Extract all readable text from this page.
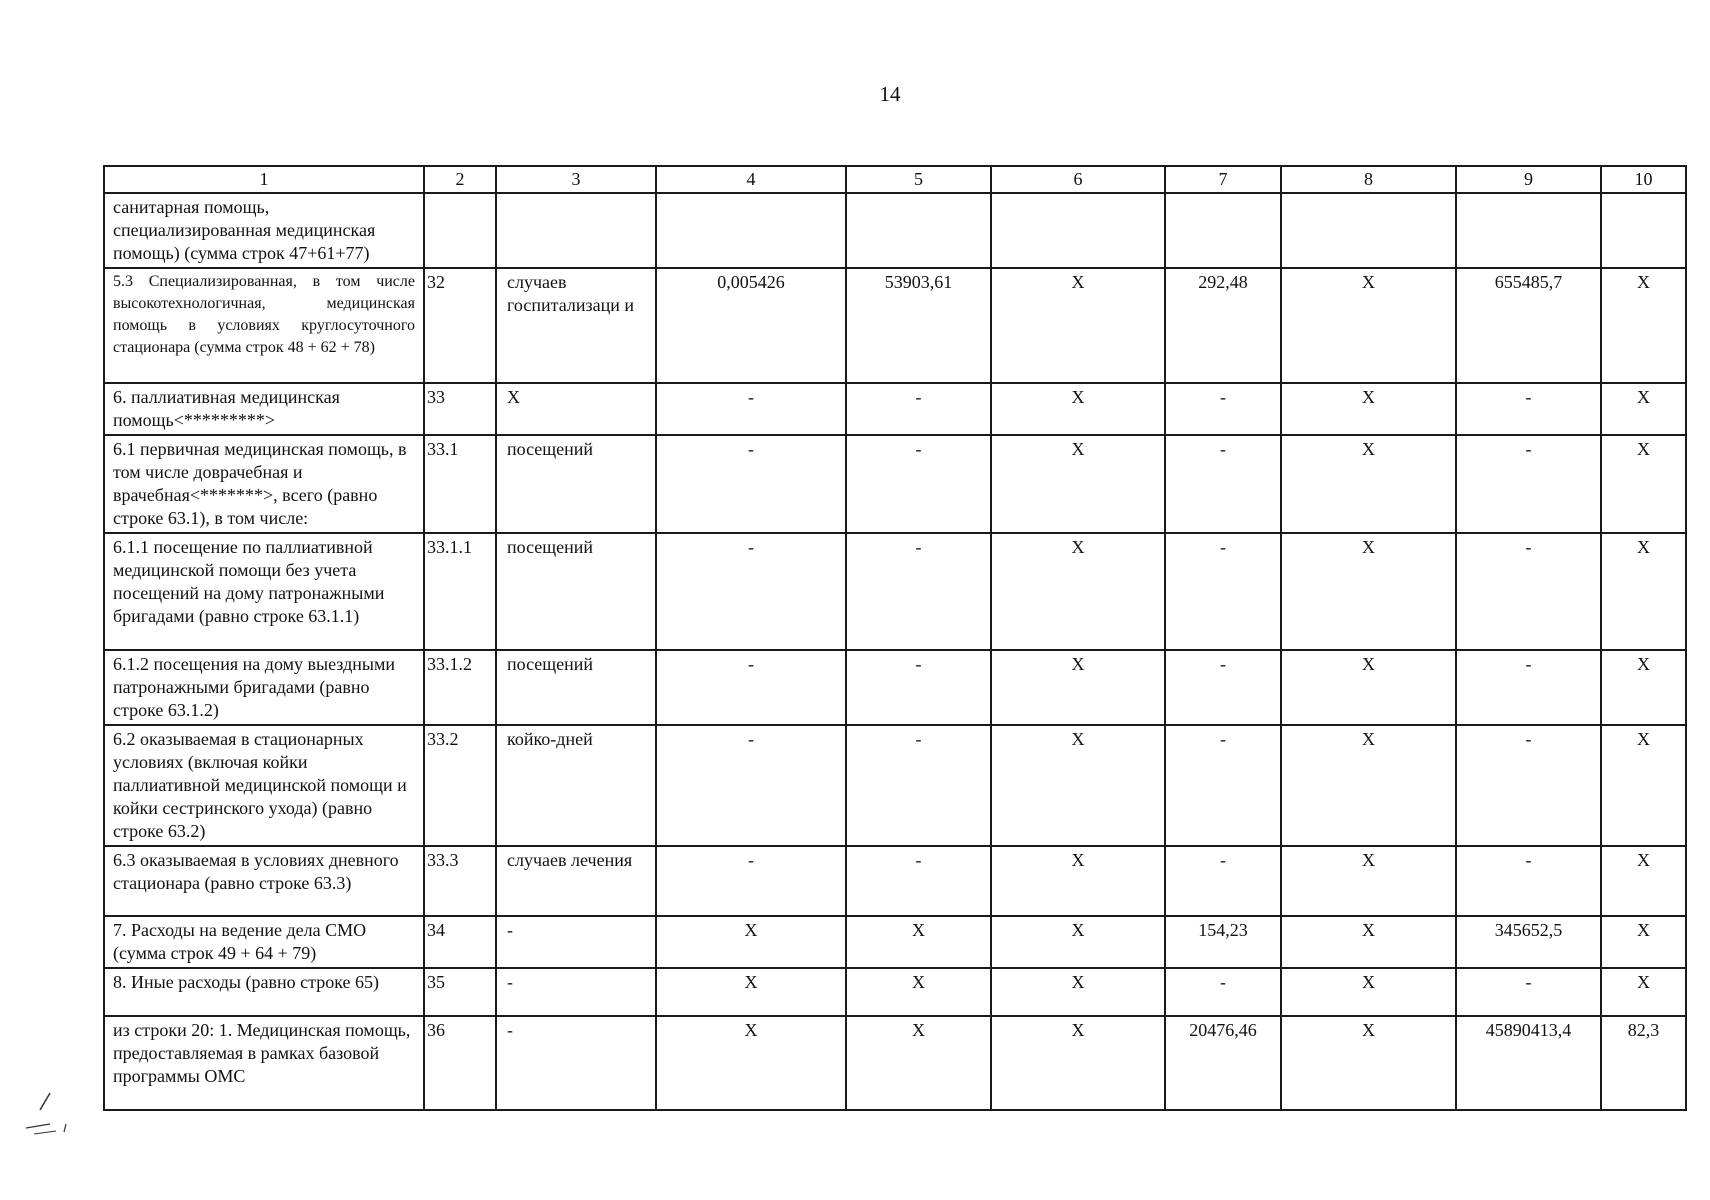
14
1	2	3	4	5	6	7	8	9	10
санитарная помощь, специализированная медицинская помощь) (сумма строк 47+61+77)									
5.3 Специализированная, в том числе высокотехнологичная, медицинская помощь в условиях круглосуточного стационара (сумма строк 48 + 62 + 78)	32	случаев госпитализаци и	0,005426	53903,61	X	292,48	X	655485,7	X
6. паллиативная медицинская помощь<*********>	33	X	-	-	X	-	X	-	X
6.1 первичная медицинская помощь, в том числе доврачебная и врачебная<*******>, всего (равно строке 63.1), в том числе:	33.1	посещений	-	-	X	-	X	-	X
6.1.1 посещение по паллиативной медицинской помощи без учета посещений на дому патронажными бригадами (равно строке 63.1.1)	33.1.1	посещений	-	-	X	-	X	-	X
6.1.2 посещения на дому выездными патронажными бригадами (равно строке 63.1.2)	33.1.2	посещений	-	-	X	-	X	-	X
6.2 оказываемая в стационарных условиях (включая койки паллиативной медицинской помощи и койки сестринского ухода) (равно строке 63.2)	33.2	койко-дней	-	-	X	-	X	-	X
6.3 оказываемая в условиях дневного стационара (равно строке 63.3)	33.3	случаев лечения	-	-	X	-	X	-	X
7. Расходы на ведение дела СМО (сумма строк 49 + 64 + 79)	34	-	X	X	X	154,23	X	345652,5	X
8. Иные расходы (равно строке 65)	35	-	X	X	X	-	X	-	X
из строки 20: 1. Медицинская помощь, предоставляемая в рамках базовой программы ОМС	36	-	X	X	X	20476,46	X	45890413,4	82,3
